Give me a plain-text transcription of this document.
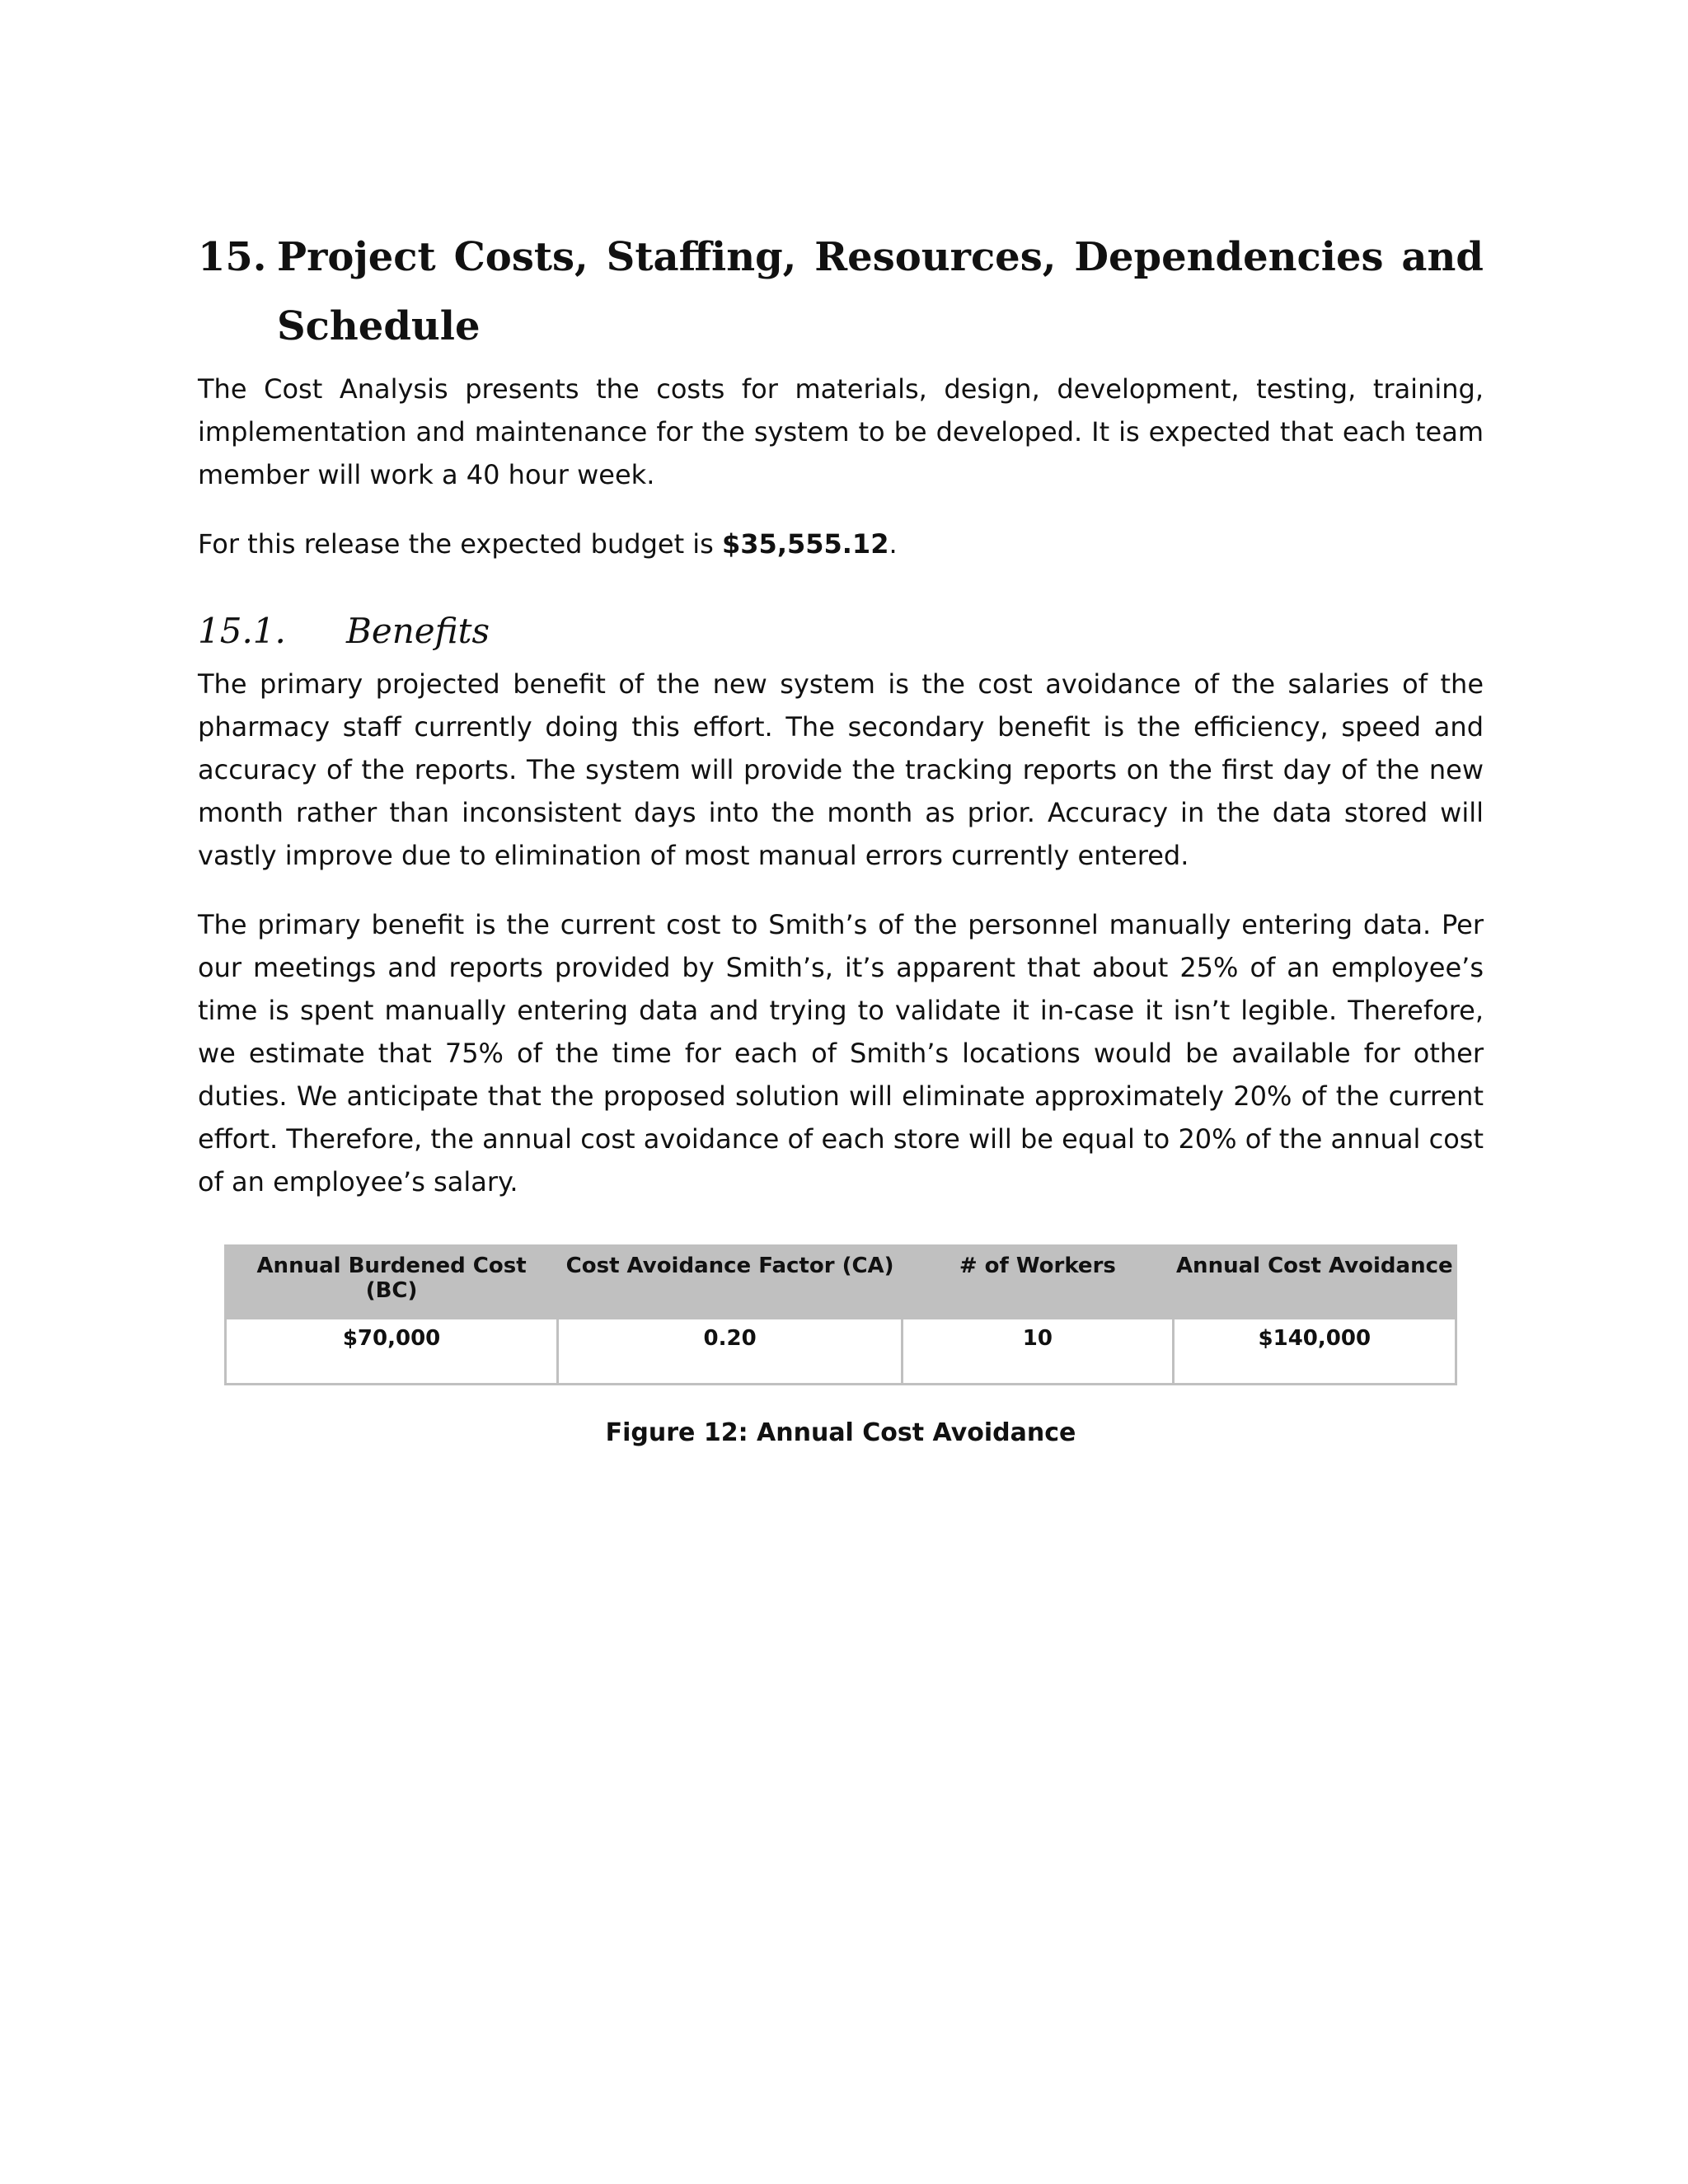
15. Project Costs, Staffing, Resources, Dependencies and Schedule

The Cost Analysis presents the costs for materials, design, development, testing, training, implementation and maintenance for the system to be developed. It is expected that each team member will work a 40 hour week.

For this release the expected budget is $35,555.12.

15.1.	Benefits

The primary projected benefit of the new system is the cost avoidance of the salaries of the pharmacy staff currently doing this effort. The secondary benefit is the efficiency, speed and accuracy of the reports. The system will provide the tracking reports on the first day of the new month rather than inconsistent days into the month as prior. Accuracy in the data stored will vastly improve due to elimination of most manual errors currently entered.

The primary benefit is the current cost to Smith’s of the personnel manually entering data. Per our meetings and reports provided by Smith’s, it’s apparent that about 25% of an employee’s time is spent manually entering data and trying to validate it in-case it isn’t legible. Therefore, we estimate that 75% of the time for each of Smith’s locations would be available for other duties. We anticipate that the proposed solution will eliminate approximately 20% of the current effort. Therefore, the annual cost avoidance of each store will be equal to 20% of the annual cost of an employee’s salary.

Annual Burdened Cost (BC)	Cost Avoidance Factor (CA)	# of Workers	Annual Cost Avoidance
$70,000	0.20	10	$140,000
Figure 12: Annual Cost Avoidance
